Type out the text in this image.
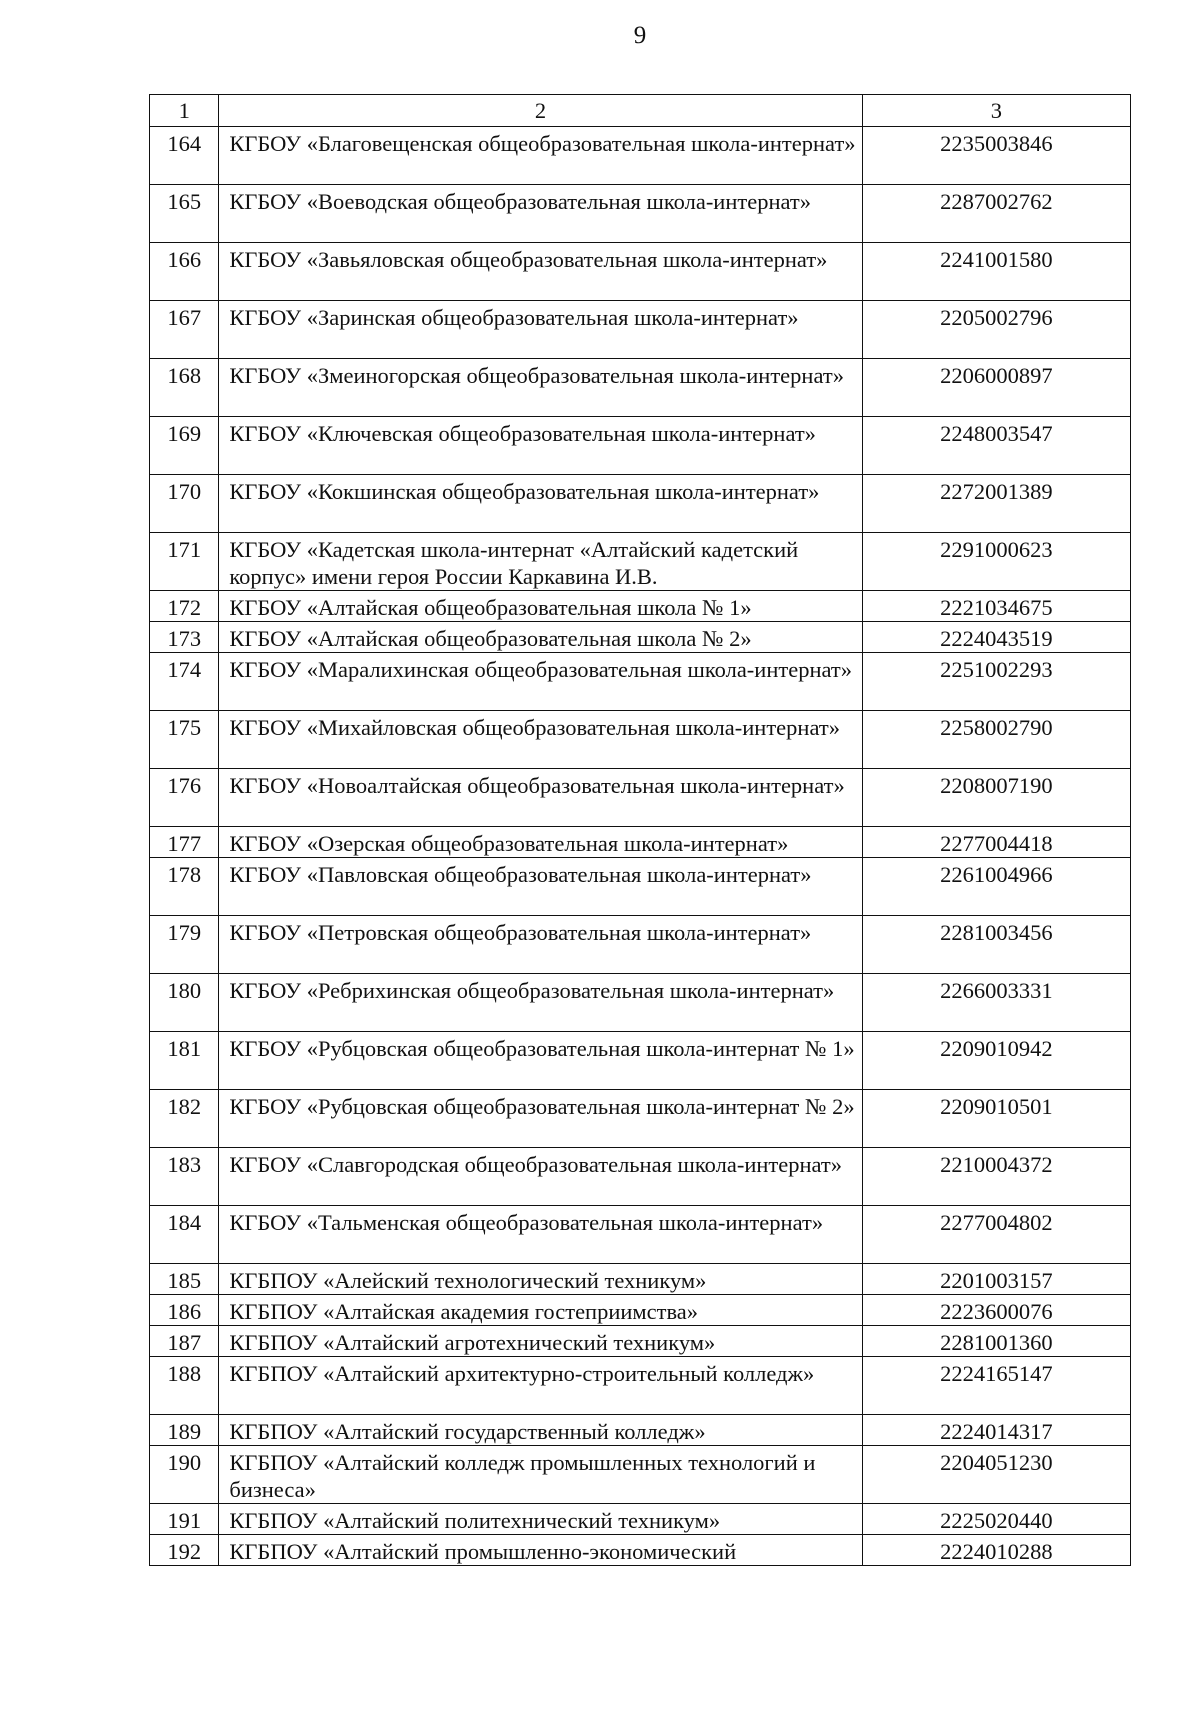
9
1	2	3
164	КГБОУ «Благовещенская общеобразовательная школа-интернат»	2235003846
165	КГБОУ «Воеводская общеобразовательная школа-интернат»	2287002762
166	КГБОУ «Завьяловская общеобразовательная школа-интернат»	2241001580
167	КГБОУ «Заринская общеобразовательная школа-интернат»	2205002796
168	КГБОУ «Змеиногорская общеобразовательная школа-интернат»	2206000897
169	КГБОУ «Ключевская общеобразовательная школа-интернат»	2248003547
170	КГБОУ «Кокшинская общеобразовательная школа-интернат»	2272001389
171	КГБОУ «Кадетская школа-интернат «Алтайский кадетский корпус» имени героя России Каркавина И.В.	2291000623
172	КГБОУ «Алтайская общеобразовательная школа № 1»	2221034675
173	КГБОУ «Алтайская общеобразовательная школа № 2»	2224043519
174	КГБОУ «Маралихинская общеобразовательная школа-интернат»	2251002293
175	КГБОУ «Михайловская общеобразовательная школа-интернат»	2258002790
176	КГБОУ «Новоалтайская общеобразовательная школа-интернат»	2208007190
177	КГБОУ «Озерская общеобразовательная школа-интернат»	2277004418
178	КГБОУ «Павловская общеобразовательная школа-интернат»	2261004966
179	КГБОУ «Петровская общеобразовательная школа-интернат»	2281003456
180	КГБОУ «Ребрихинская общеобразовательная школа-интернат»	2266003331
181	КГБОУ «Рубцовская общеобразовательная школа-интернат № 1»	2209010942
182	КГБОУ «Рубцовская общеобразовательная школа-интернат № 2»	2209010501
183	КГБОУ «Славгородская общеобразовательная школа-интернат»	2210004372
184	КГБОУ «Тальменская общеобразовательная школа-интернат»	2277004802
185	КГБПОУ «Алейский технологический техникум»	2201003157
186	КГБПОУ «Алтайская академия гостеприимства»	2223600076
187	КГБПОУ «Алтайский агротехнический техникум»	2281001360
188	КГБПОУ «Алтайский архитектурно-строительный колледж»	2224165147
189	КГБПОУ «Алтайский государственный колледж»	2224014317
190	КГБПОУ «Алтайский колледж промышленных технологий и бизнеса»	2204051230
191	КГБПОУ «Алтайский политехнический техникум»	2225020440
192	КГБПОУ «Алтайский промышленно-экономический	2224010288
